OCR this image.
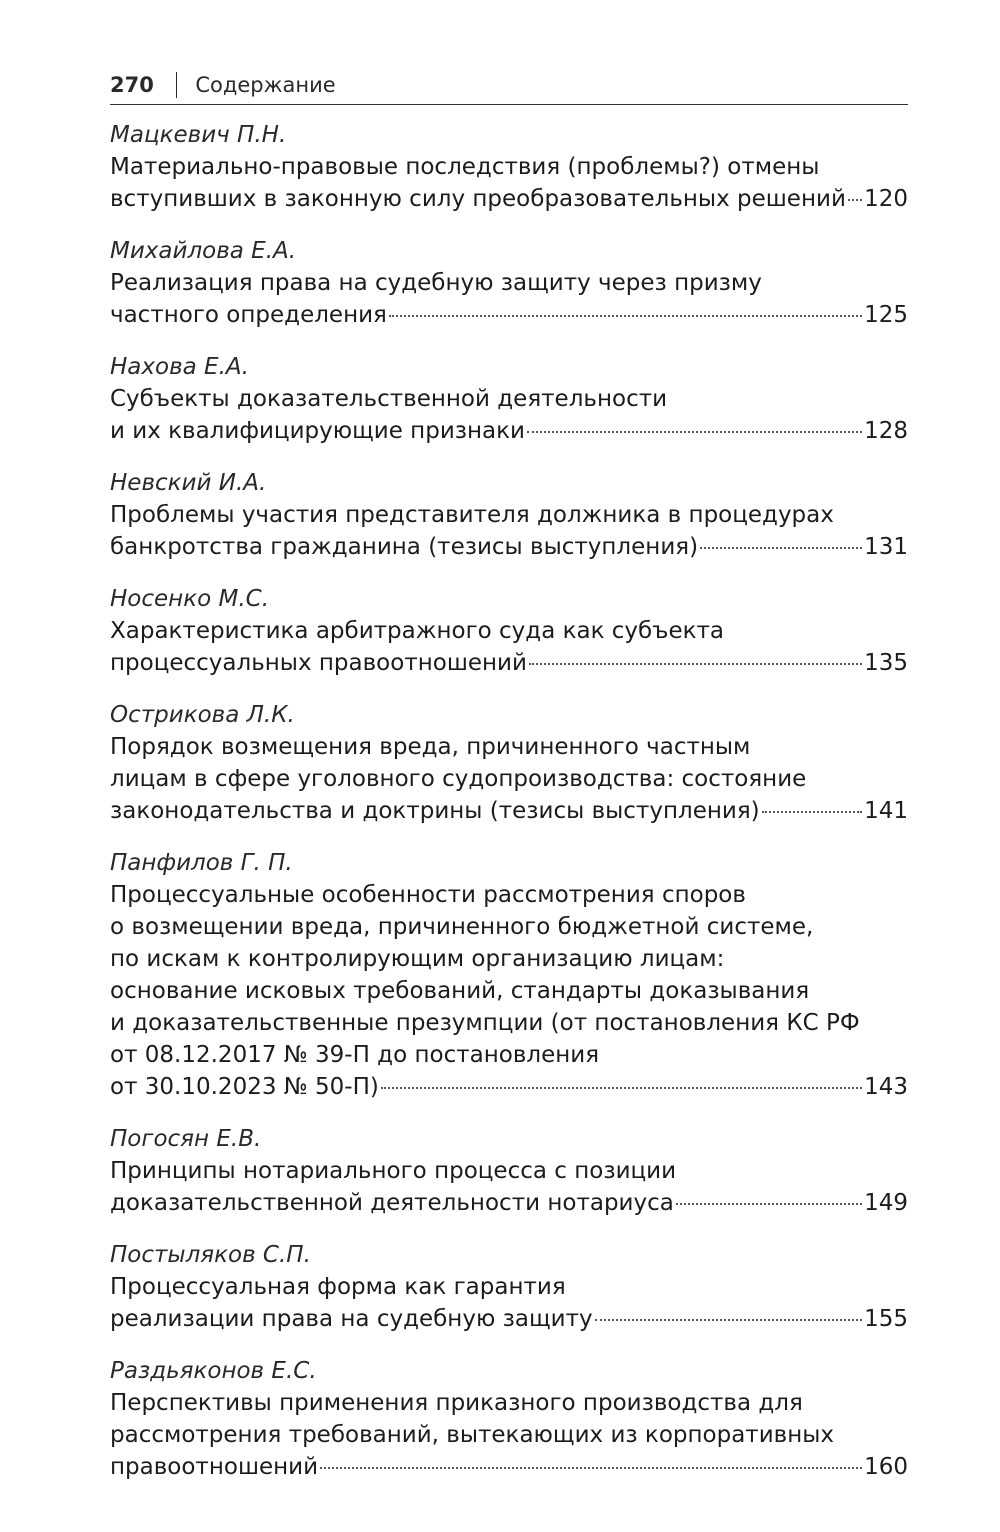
270 Содержание
Мацкевич П.Н.
Материально-правовые последствия (проблемы?) отмены
вступивших в законную силу преобразовательных решений 120
Михайлова Е.А.
Реализация права на судебную защиту через призму
частного определения	125
Нахова Е.А.
Субъекты доказательственной деятельности
и их квалифицирующие признаки	128
Невский И.А.
Проблемы участия представителя должника в процедурах
банкротства гражданина (тезисы выступления)	131
Носенко М.С.
Характеристика арбитражного суда как субъекта
процессуальных правоотношений	135
Острикова Л.К.
Порядок возмещения вреда, причиненного частным
лицам в сфере уголовного судопроизводства: состояние
законодательства и доктрины (тезисы выступления)	141
Панфилов Г. П.
Процессуальные особенности рассмотрения споров
о возмещении вреда, причиненного бюджетной системе,
по искам к контролирующим организацию лицам:
основание исковых требований, стандарты доказывания
и доказательственные презумпции (от постановления КС РФ
от 08.12.2017 № 39-П до постановления
от 30.10.2023 № 50-П)	143
Погосян Е.В.
Принципы нотариального процесса с позиции
доказательственной деятельности нотариуса	149
Постыляков С.П.
Процессуальная форма как гарантия
реализации права на судебную защиту	155
Раздьяконов Е.С.
Перспективы применения приказного производства для
рассмотрения требований, вытекающих из корпоративных
правоотношений	160
